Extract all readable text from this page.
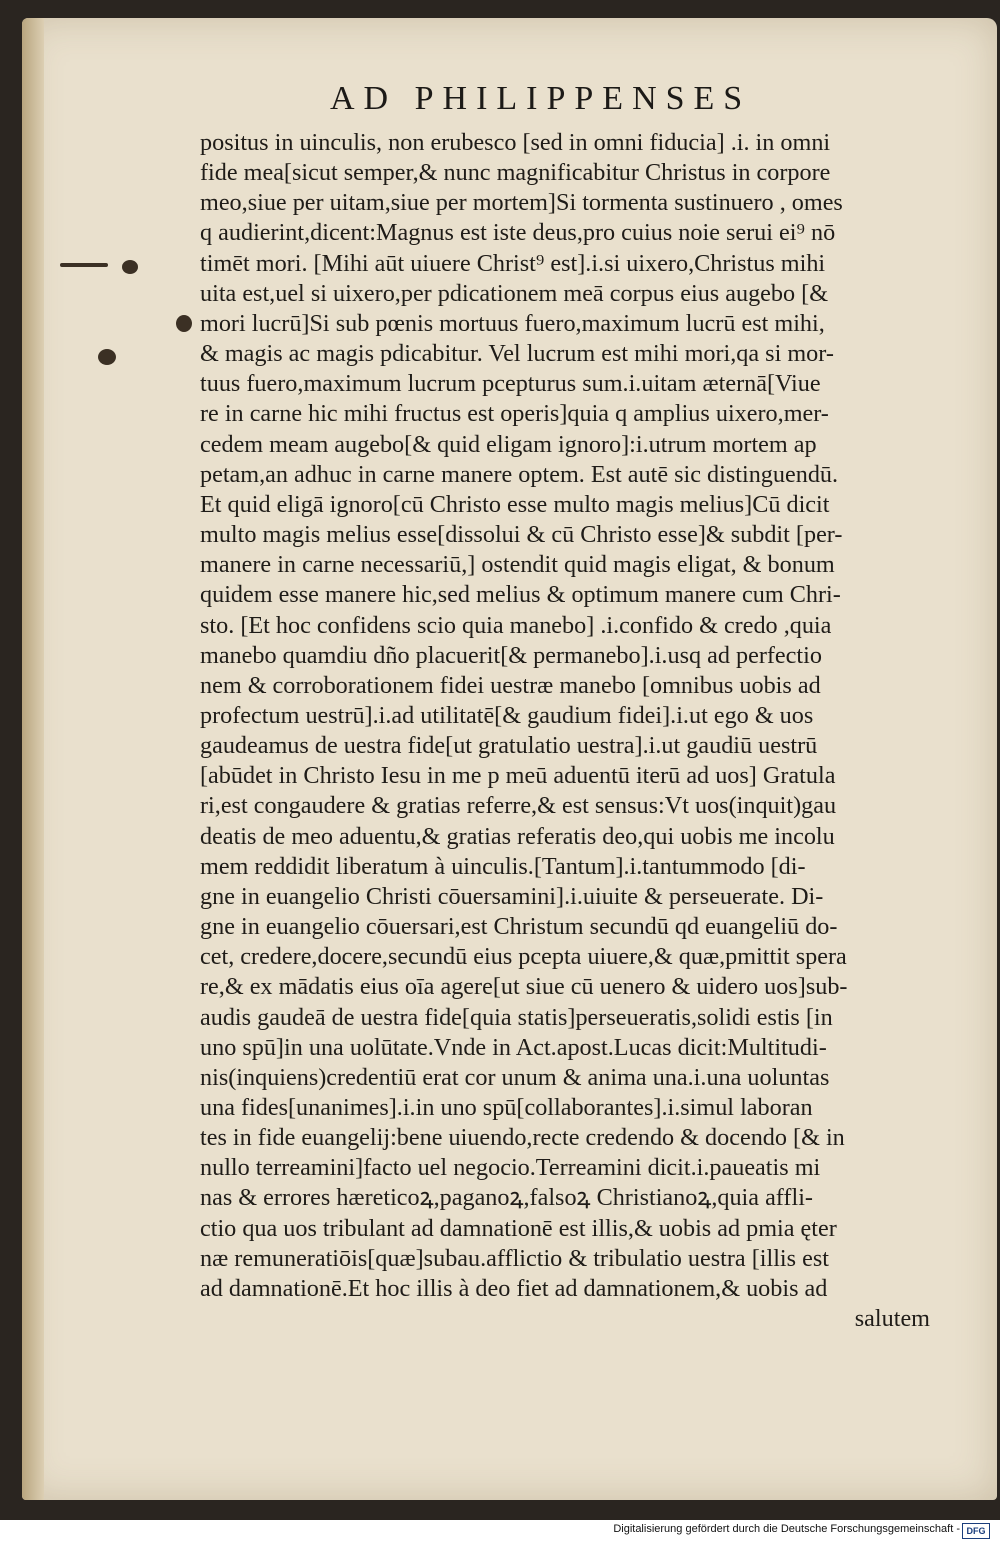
AD PHILIPPENSES
positus in uinculis, non erubesco [sed in omni fiducia] .i. in omni
fide mea[sicut semper,& nunc magnificabitur Christus in corpore
meo,siue per uitam,siue per mortem]Si tormenta sustinuero , omes
q audierint,dicent:Magnus est iste deus,pro cuius noie serui ei⁹ nō
timēt mori. [Mihi aūt uiuere Christ⁹ est].i.si uixero,Christus mihi
uita est,uel si uixero,per pdicationem meā corpus eius augebo [&
mori lucrū]Si sub pœnis mortuus fuero,maximum lucrū est mihi,
& magis ac magis pdicabitur. Vel lucrum est mihi mori,qa si mor-
tuus fuero,maximum lucrum pcepturus sum.i.uitam æternā[Viue
re in carne hic mihi fructus est operis]quia q amplius uixero,mer-
cedem meam augebo[& quid eligam ignoro]:i.utrum mortem ap
petam,an adhuc in carne manere optem. Est autē sic distinguendū.
Et quid eligā ignoro[cū Christo esse multo magis melius]Cū dicit
multo magis melius esse[dissolui & cū Christo esse]& subdit [per-
manere in carne necessariū,] ostendit quid magis eligat, & bonum
quidem esse manere hic,sed melius & optimum manere cum Chri-
sto. [Et hoc confidens scio quia manebo] .i.confido & credo ,quia
manebo quamdiu dño placuerit[& permanebo].i.usq ad perfectio
nem & corroborationem fidei uestræ manebo [omnibus uobis ad
profectum uestrū].i.ad utilitatē[& gaudium fidei].i.ut ego & uos
gaudeamus de uestra fide[ut gratulatio uestra].i.ut gaudiū uestrū
[abūdet in Christo Iesu in me p meū aduentū iterū ad uos] Gratula
ri,est congaudere & gratias referre,& est sensus:Vt uos(inquit)gau
deatis de meo aduentu,& gratias referatis deo,qui uobis me incolu
mem reddidit liberatum à uinculis.[Tantum].i.tantummodo [di-
gne in euangelio Christi cōuersamini].i.uiuite & perseuerate. Di-
gne in euangelio cōuersari,est Christum secundū qd euangeliū do-
cet, credere,docere,secundū eius pcepta uiuere,& quæ,pmittit spera
re,& ex mādatis eius oīa agere[ut siue cū uenero & uidero uos]sub-
audis gaudeā de uestra fide[quia statis]perseueratis,solidi estis [in
uno spū]in una uolūtate.Vnde in Act.apost.Lucas dicit:Multitudi-
nis(inquiens)credentiū erat cor unum & anima una.i.una uoluntas
una fides[unanimes].i.in uno spū[collaborantes].i.simul laboran
tes in fide euangelij:bene uiuendo,recte credendo & docendo [& in
nullo terreamini]facto uel negocio.Terreamini dicit.i.paueatis mi
nas & errores hæreticoꝝ,paganoꝝ,falsoꝝ Christianoꝝ,quia affli-
ctio qua uos tribulant ad damnationē est illis,& uobis ad pmia ęter
næ remuneratiōis[quæ]subau.afflictio & tribulatio uestra [illis est
ad damnationē.Et hoc illis à deo fiet ad damnationem,& uobis ad
salutem
Digitalisierung gefördert durch die Deutsche Forschungsgemeinschaft - DFG
